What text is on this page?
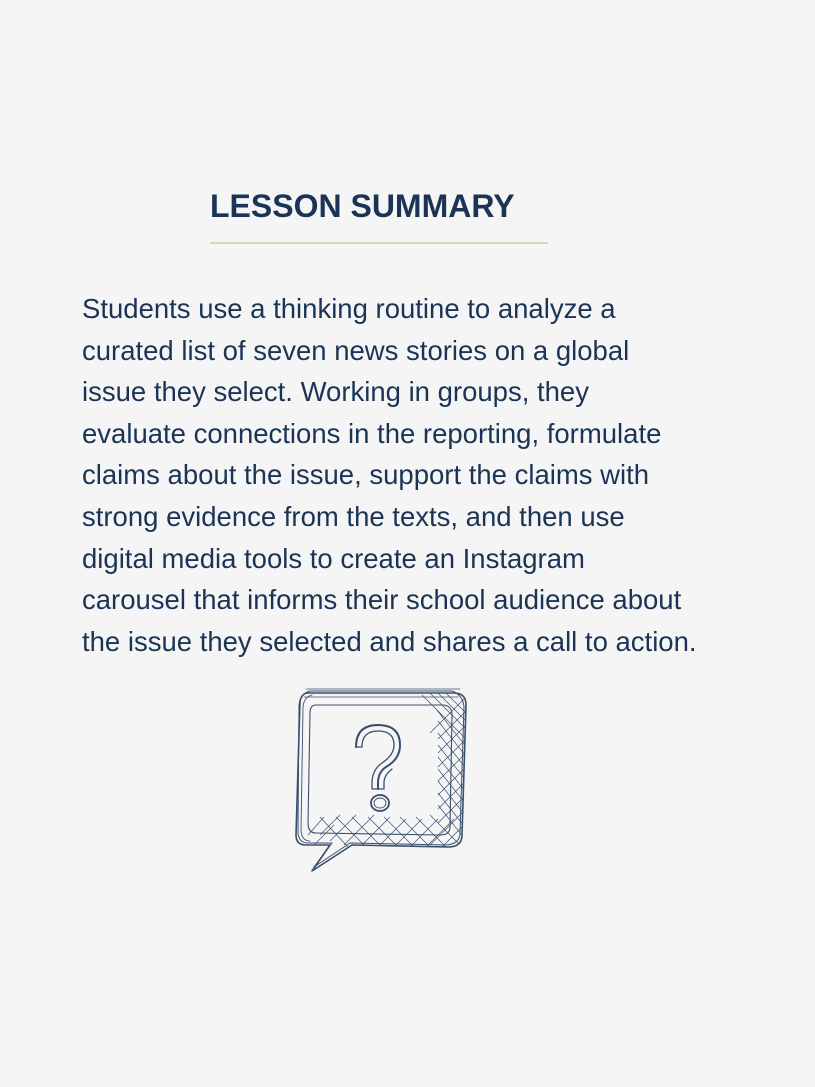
LESSON SUMMARY

Students use a thinking routine to analyze a
curated list of seven news stories on a global
issue they select. Working in groups, they
evaluate connections in the reporting, formulate
claims about the issue, support the claims with
strong evidence from the texts, and then use
digital media tools to create an Instagram
carousel that informs their school audience about
the issue they selected and shares a call to action.
